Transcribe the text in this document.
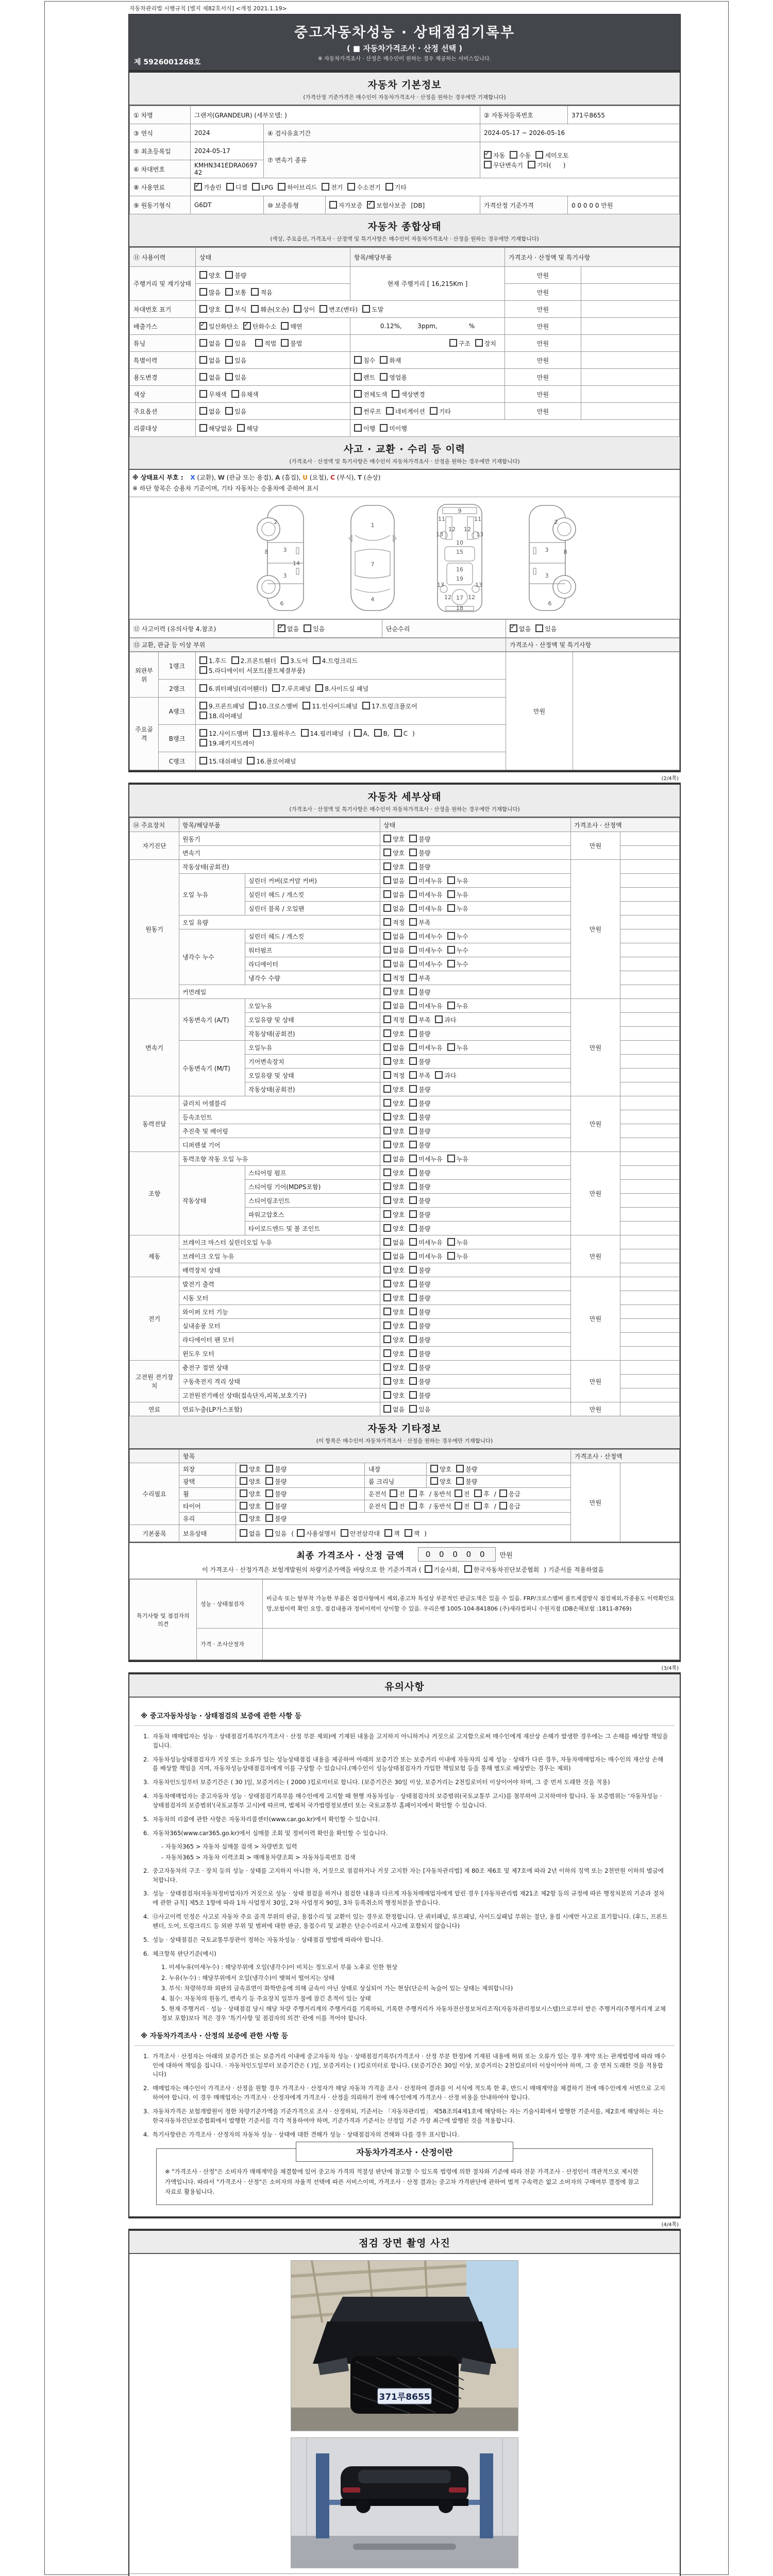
자동차관리법 시행규칙 [별지 제82호서식] <개정 2021.1.19>
중고자동차성능 · 상태점검기록부
( ■ 자동차가격조사 · 산정 선택 )
※ 자동차가격조사 · 산정은 매수인이 원하는 경우 제공하는 서비스입니다.
제 5926001268호
자동차 기본정보
(가격산정 기준가격은 매수인이 자동차가격조사 · 산정을 원하는 경우에만 기재합니다)
① 차명	그랜저(GRANDEUR) (세부모델: )			② 자동차등록번호	371루8655
③ 연식	2024	④ 검사유효기간		2024-05-17 ~ 2026-05-16	
⑤ 최초등록일	2024-05-17	⑦ 변속기 종류	✓자동 수동 세미오토
무단변속기 기타(      )
⑥ 차대번호	KMHN341EDRA069742				
⑧ 사용연료	✓가솔린 디젤 LPG 하이브리드 전기 수소전기 기타
⑨ 원동기형식	G6DT	⑩ 보증유형	자가보증 ✓ 보험사보증 [DB]	가격산정 기준가격	0 0 0 0 0 만원
자동차 종합상태
(색상, 주요옵션, 가격조사 · 산정액 및 특기사항은 매수인이 자동차가격조사 · 산정을 원하는 경우에만 기재합니다)
⑪ 사용이력	상태	항목/해당부품	가격조사 · 산정액 및 특기사항	
주행거리 및 계기상태	양호 불량	현재 주행거리 [ 16,215Km ]	만원	
	많음 보통 적음		만원	
차대번호 표기	양호 부식 훼손(오손) 상이 변조(변타) 도말		만원	
배출가스	✓일산화탄소 ✓ 탄화수소 매연	0.12%,        3ppm,                %	만원	
튜닝	없음 있음 적법 불법	구조 장치	만원	
특별이력	없음 있음	침수 화재	만원	
용도변경	없음 있음	렌트 영업용	만원	
색상	무채색 유채색	전체도색 색상변경	만원	
주요옵션	없음 있음	썬루프 네비게이션 기타	만원	
리콜대상	해당없음 해당	이행 미이행		
사고 · 교환 · 수리 등 이력
(가격조사 · 산정액 및 특기사항은 매수인이 자동차가격조사 · 산정을 원하는 경우에만 기재합니다)
※ 상태표시 부호 : X (교환), W (판금 또는 용접), A (흠집), U (요철), C (부식), T (손상)
※ 하단 항목은 승용차 기준이며, 기타 자동차는 승용차에 준하여 표시
2
8	3
14
3
6
1
7
4
9
11	11
13	13
12 12
10
15
16
19
13	13
12	12
17
18
2
8
3
3
6
⑫ 사고이력 (유의사항 4.참조)	✓없음 있음	단순수리	✓없음 있음
⑬ 교환, 판금 등 이상 부위	가격조사 · 산정액 및 특기사항
외판부위	1랭크	1.후드 2.프론트휀더 3.도어 4.트렁크리드
5.라디에이터 서포트(볼트체결부품)	만원	
	2랭크	6.쿼터패널(리어휀더) 7.루프패널 8.사이드실 패널		
주요골격	A랭크	9.프론트패널 10.크로스멤버 11.인사이드패널 17.트렁크플로어
18.리어패널		
	B랭크	12.사이드멤버 13.휠하우스 14.필러패널 ( A, B, C )
19.패키지트레이		
	C랭크	15.대쉬패널 16.플로어패널		
(2/4쪽)
자동차 세부상태
(가격조사 · 산정액 및 특기사항은 매수인이 자동차가격조사 · 산정을 원하는 경우에만 기재합니다)
⑭ 주요장치	항목/해당부품		상태	가격조사 · 산정액	
자기진단	원동기		양호 불량	만원	
	변속기		양호 불량		
원동기	작동상태(공회전)		양호 불량	만원	
	오일 누유	실린더 커버(로커암 커버)	없음 미세누유 누유		
		실린더 헤드 / 개스킷	없음 미세누유 누유		
		실린더 블록 / 오일팬	없음 미세누유 누유		
	오일 유량		적정 부족		
	냉각수 누수	실린더 헤드 / 개스킷	없음 미세누수 누수		
		워터펌프	없음 미세누수 누수		
		라디에이터	없음 미세누수 누수		
		냉각수 수량	적정 부족		
	커먼레일		양호 불량		
변속기	자동변속기 (A/T)	오일누유	없음 미세누유 누유	만원	
		오일유량 및 상태	적정 부족 과다		
		작동상태(공회전)	양호 불량		
	수동변속기 (M/T)	오일누유	없음 미세누유 누유		
		기어변속장치	양호 불량		
		오일유량 및 상태	적정 부족 과다		
		작동상태(공회전)	양호 불량		
동력전달	클러치 어셈블리		양호 불량	만원	
	등속조인트		양호 불량		
	추진축 및 베어링		양호 불량		
	디퍼렌셜 기어		양호 불량		
조향	동력조향 작동 오일 누유		없음 미세누유 누유	만원	
	작동상태	스티어링 펌프	양호 불량		
		스티어링 기어(MDPS포함)	양호 불량		
		스티어링조인트	양호 불량		
		파워고압호스	양호 불량		
		타이로드엔드 및 볼 조인트	양호 불량		
제동	브레이크 마스터 실린더오일 누유		없음 미세누유 누유	만원	
	브레이크 오일 누유		없음 미세누유 누유		
	배력장치 상태		양호 불량		
전기	발전기 출력		양호 불량	만원	
	시동 모터		양호 불량		
	와이퍼 모터 기능		양호 불량		
	실내송풍 모터		양호 불량		
	라디에이터 팬 모터		양호 불량		
	윈도우 모터		양호 불량		
고전원 전기장치	충전구 절연 상태		양호 불량	만원	
	구동축전지 격리 상태		양호 불량		
	고전원전기배선 상태(접속단자,피복,보호기구)		양호 불량		
연료	연료누출(LP가스포함)		없음 있음	만원	
자동차 기타정보
(이 항목은 매수인이 자동차가격조사 · 산정을 원하는 경우에만 기재합니다)
	항목				가격조사 · 산정액	
수리필요	외장	양호 불량	내장	양호 불량	만원	
	광택	양호 불량	룸 크리닝	양호 불량		
	휠	양호 불량	운전석 전 후 / 동반석 전 후 / 응급			
	타이어	양호 불량	운전석 전 후 / 동반석 전 후 / 응급			
	유리	양호 불량				
기본품목	보유상태	없음 있음 ( 사용설명서 안전삼각대 잭 잭 )				
최종 가격조사 · 산정 금액	0 0 0 0 0	만원
이 가격조사 · 산정가격은 보험개발원의 차량기준가액을 바탕으로 한 기준가격과 ( 기술사회, 한국자동차진단보증협회 ) 기준서를 적용하였음
특기사항 및 점검자의 의견	성능 · 상태점검자	비금속 또는 탈부착 가능한 부품은 점검사항에서 제외,중고차 특성상 부분적인 판금도색은 있을 수 있음. FRP/크로스멤버 볼트체결방식 점검제외,각종용도 이력확인요망,보험이력 확인 요망, 점검내용과 정비이력이 상이할 수 있음. 우리은행 1005-104-841806 (주)새라컴퍼니 수원지점 (DB손해보험 :1811-8769)
	가격 · 조사산정자	
(3/4쪽)
유의사항
※ 중고자동차성능 · 상태점검의 보증에 관한 사항 등
1. 자동차 매매업자는 성능 · 상태점검기록부(가격조사 · 산정 부분 제외)에 기재된 내용을 고지하지 아니하거나 거짓으로 고지함으로써 매수인에게 재산상 손해가 발생한 경우에는 그 손해를 배상할 책임을 집니다.
2. 자동차성능상태점검자가 거짓 또는 오류가 있는 성능상태점검 내용을 제공하여 아래의 보증기간 또는 보증거리 이내에 자동차의 실제 성능 · 상태가 다른 경우, 자동차매매업자는 매수인의 재산상 손해를 배상할 책임을 지며, 자동차성능상태점검자에게 이를 구상할 수 있습니다.(매수인이 성능상태점검자가 가입한 책임보험 등을 통해 별도로 배상받는 경우는 제외)
3. 자동차인도일부터 보증기간은 ( 30 )일, 보증거리는 ( 2000 )킬로미터로 합니다. (보증기간은 30일 이상, 보증거리는 2천킬로미터 이상이어야 하며, 그 중 먼저 도래한 것을 적용)
4. 자동차매매업자는 중고자동차 성능 · 상태점검기록부를 매수인에게 고지할 때 현행 자동차성능 · 상태점검자의 보증범위(국토교통부 고시)를 첨부하여 고지하여야 합니다. 동 보증범위는 '자동차성능 · 상태점검자의 보증범위'(국토교통부 고시)에 따르며, 법제처 국가법령정보센터 또는 국토교통부 홈페이지에서 확인할 수 있습니다.
5. 자동차의 리콜에 관한 사항은 자동차리콜센터(www.car.go.kr)에서 확인할 수 있습니다.
6. 자동차365(www.car365.go.kr)에서 실매물 조회 및 정비이력 확인을 확인할 수 있습니다.
- 자동차365 > 자동차 실매물 검색 > 차량번호 입력
- 자동차365 > 자동차 이력조회 > 매매용차량조회 > 자동차등록번호 검색
2. 중고자동차의 구조 · 장치 등의 성능 · 상태를 고지하지 아니한 자, 거짓으로 점검하거나 거짓 고지한 자는 [자동차관리법] 제 80조 제6호 및 제7호에 따라 2년 이하의 징역 또는 2천만원 이하의 벌금에 처합니다.
3. 성능 · 상태점검자(자동차정비업자)가 거짓으로 성능 · 상태 점검을 하거나 점검한 내용과 다르게 자동차매매업자에게 알린 경우 [자동차관리법 제21조 제2항 등의 규정에 따른 행정처분의 기준과 절차에 관한 규칙] 제5조 1항에 따라 1차 사업정지 30일, 2차 사업정지 90일, 3차 등록취소의 행정처분을 받습니다.
4. ⑫사고이력 인정은 사고로 자동차 주요 골격 부위의 판금, 용접수리 및 교환이 있는 경우로 한정합니다. 단 쿼터패널, 루프패널, 사이드실패널 부위는 절단, 용접 시에만 사고로 표기합니다. (후드, 프론트펜더, 도어, 트렁크리드 등 외판 부위 및 범퍼에 대한 판금, 용접수리 및 교환은 단순수리로서 사고에 포함되지 않습니다)
5. 성능 · 상태점검은 국토교통부장관이 정하는 자동차성능 · 상태점검 방법에 따라야 합니다.
6. 체크항목 판단기준(예시)
1. 미세누유(미세누수) : 해당부위에 오일(냉각수)이 비치는 정도로서 부품 노후로 인한 현상
2. 누유(누수) : 해당부위에서 오일(냉각수)이 맺혀서 떨어지는 상태
3. 부식: 차량하부와 외판의 금속표면이 화학반응에 의해 금속이 아닌 상태로 상실되어 가는 현상(단순히 녹슬어 있는 상태는 제외합니다)
4. 침수: 자동차의 원동기, 변속기 등 주요장치 일부가 물에 잠긴 흔적이 있는 상태
5. 현재 주행거리 · 성능 · 상태점검 당시 해당 차량 주행거리계의 주행거리를 기록하되, 기록한 주행거리가 자동차전산정보처리조직(자동차관리정보시스템)으로부터 받은 주행거리(주행거리계 교체 정보 포함)보다 적은 경우 '특기사항 및 점검자의 의견' 란에 이를 적어야 합니다.
※ 자동차가격조사 · 산정의 보증에 관한 사항 등
1. 가격조사 · 산정자는 아래의 보증기간 또는 보증거리 이내에 중고자동차 성능 · 상태점검기록부(가격조사 · 산정 부분 한정)에 기재된 내용에 허위 또는 오류가 있는 경우 계약 또는 관계법령에 따라 매수인에 대하여 책임을 집니다. · 자동차인도일부터 보증기간은 ( )일, 보증거리는 ( )킬로미터로 합니다. (보증기간은 30일 이상, 보증거리는 2천킬로미터 이상이어야 하며, 그 중 먼저 도래한 것을 적용합니다)
2. 매매업자는 매수인이 가격조사 · 산정을 원할 경우 가격조사 · 산정자가 해당 자동차 가격을 조사 · 산정하여 결과를 이 서식에 적도록 한 후, 반드시 매매계약을 체결하기 전에 매수인에게 서면으로 고지하여야 합니다. 이 경우 매매업자는 가격조사 · 산정자에게 가격조사 · 산정을 의뢰하기 전에 매수인에게 가격조사 · 산정 비용을 안내하여야 합니다.
3. 자동차가격은 보험개발원이 정한 차량기준가액을 기준가격으로 조사 · 산정하되, 기준서는 「자동차관리법」 제58조의4제1호에 해당하는 자는 기술사회에서 발행한 기준서를, 제2호에 해당하는 자는 한국자동차진단보증협회에서 발행한 기준서를 각각 적용하여야 하며, 기준가격과 기준서는 산정일 기준 가장 최근에 발행된 것을 적용합니다.
4. 특기사항란은 가격조사 · 산정자의 자동차 성능 · 상태에 대한 견해가 성능 · 상태점검자의 견해와 다를 경우 표시합니다.
자동차가격조사 · 산정이란
※ "가격조사 · 산정"은 소비자가 매매계약을 체결함에 있어 중고차 가격의 적절성 판단에 참고할 수 있도록 법령에 의한 절차와 기준에 따라 전문 가격조사 · 산정인이 객관적으로 제시한 가액입니다. 따라서 "가격조사 · 산정"은 소비자의 자율적 선택에 따른 서비스이며, 가격조사 · 산정 결과는 중고차 가격판단에 관하여 법적 구속력은 없고 소비자의 구매여부 결정에 참고자료로 활용됩니다.
(4/4쪽)
점검 장면 촬영 사진
371루8655
